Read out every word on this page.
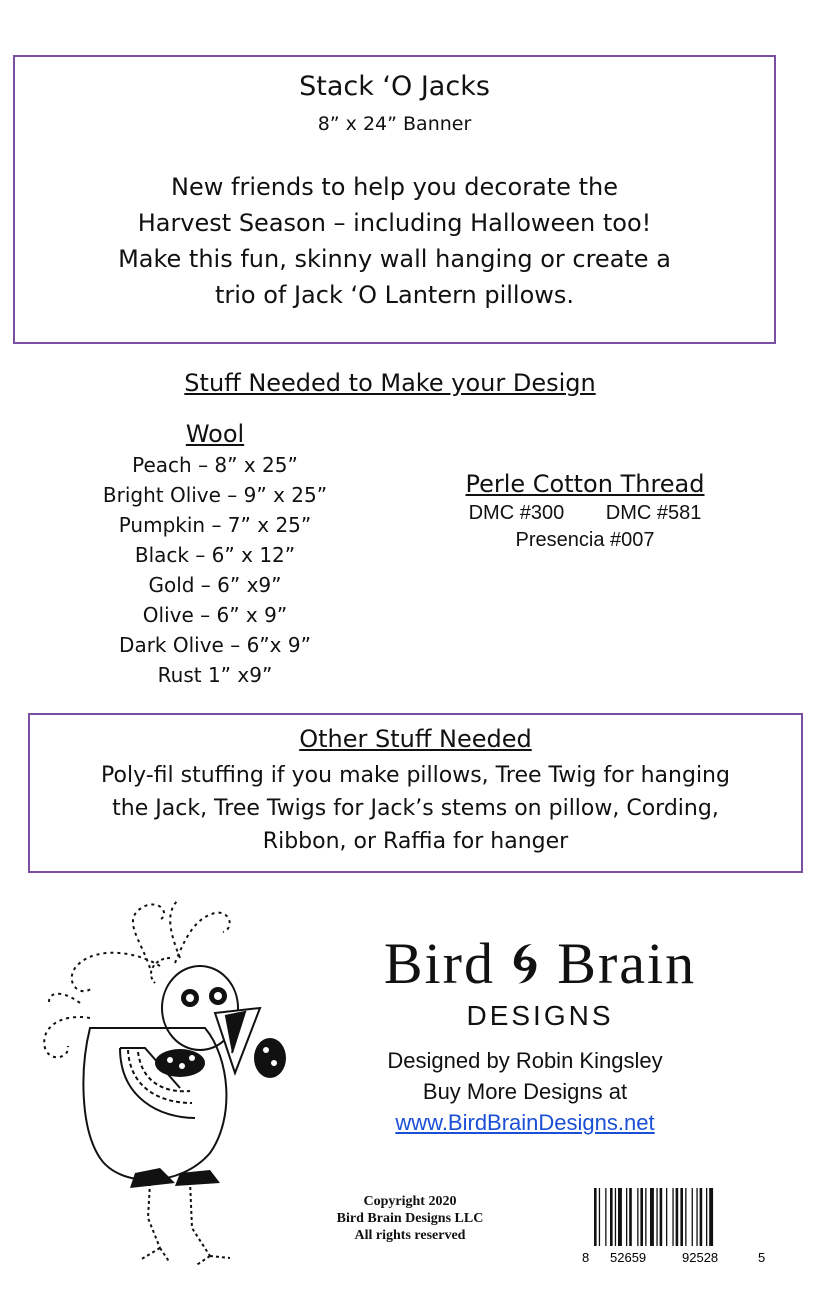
Stack ‘O Jacks
8” x 24” Banner
New friends to help you decorate the
Harvest Season – including Halloween too!
Make this fun, skinny wall hanging or create a
trio of Jack ‘O Lantern pillows.
Stuff Needed to Make your Design
Wool
Peach – 8” x 25”
Bright Olive – 9” x 25”
Pumpkin – 7” x 25”
Black – 6” x 12”
Gold – 6” x9”
Olive – 6” x 9”
Dark Olive – 6”x 9”
Rust 1” x9”
Perle Cotton Thread
DMC #300 DMC #581
Presencia #007
Other Stuff Needed
Poly-fil stuffing if you make pillows, Tree Twig for hanging
the Jack, Tree Twigs for Jack’s stems on pillow, Cording,
Ribbon, or Raffia for hanger
Bird 🌀︎ Brain
DESIGNS
Designed by Robin Kingsley
Buy More Designs at
www.BirdBrainDesigns.net
Copyright 2020
Bird Brain Designs LLC
All rights reserved
8 52659	92528	5
